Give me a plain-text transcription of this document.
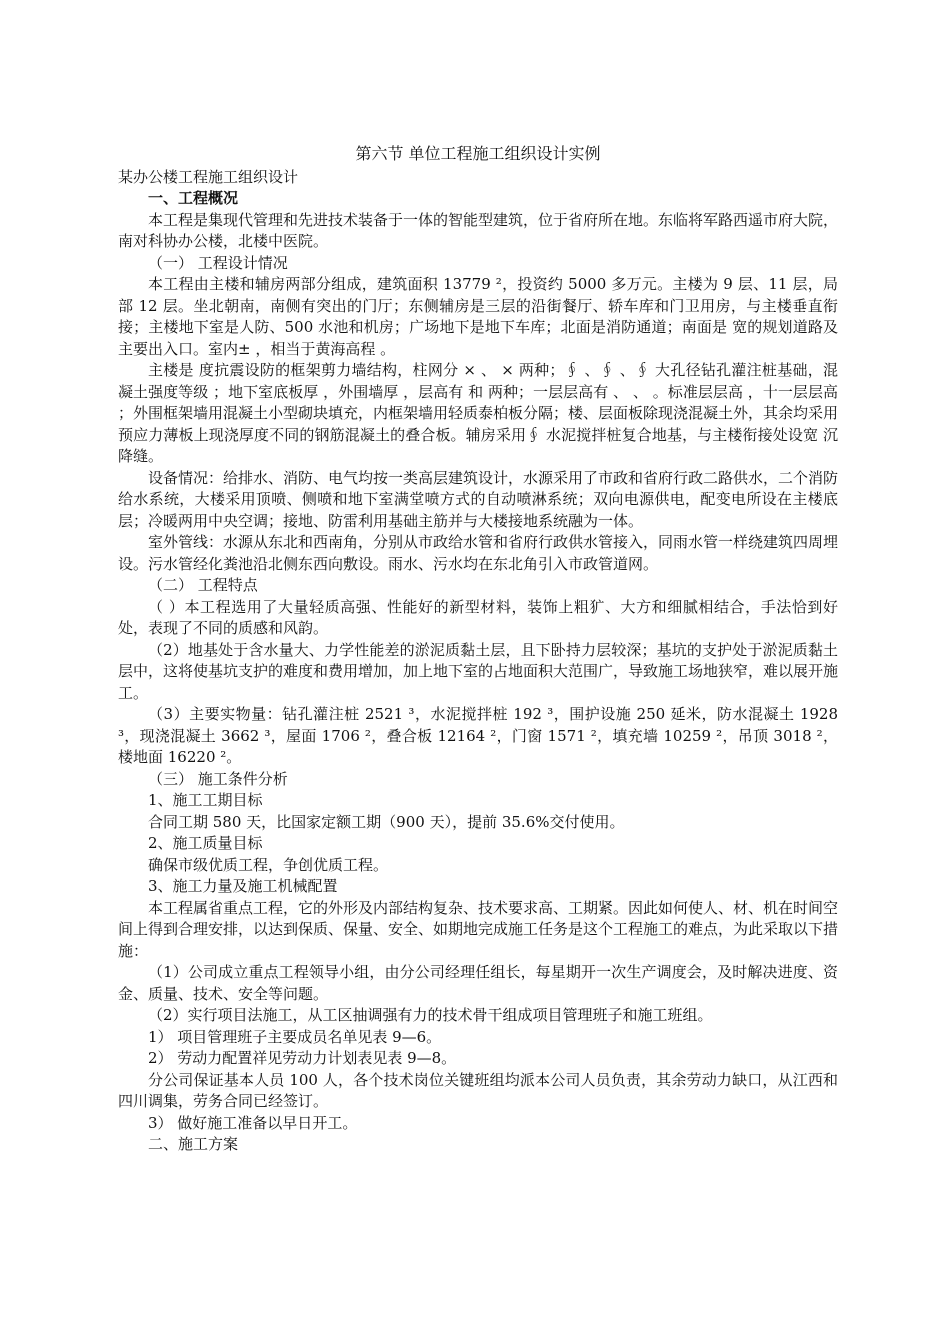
第六节 单位工程施工组织设计实例
某办公楼工程施工组织设计
一、工程概况
本工程是集现代管理和先进技术装备于一体的智能型建筑，位于省府所在地。东临将军路西遥市府大院，南对科协办公楼，北楼中医院。
（一） 工程设计情况
本工程由主楼和辅房两部分组成，建筑面积 13779 ²，投资约 5000 多万元。主楼为 9 层、11 层，局部 12 层。坐北朝南，南侧有突出的门厅；东侧辅房是三层的沿街餐厅、轿车库和门卫用房，与主楼垂直衔接；主楼地下室是人防、500 水池和机房；广场地下是地下车库；北面是消防通道；南面是 宽的规划道路及主要出入口。室内± ，相当于黄海高程 。
主楼是 度抗震设防的框架剪力墙结构，柱网分 × 、 × 两种；∮ 、∮ 、∮ 大孔径钻孔灌注桩基础，混凝土强度等级 ；地下室底板厚 ，外围墙厚 ，层高有 和 两种；一层层高有 、 、 。标准层层高 ，十一层层高 ；外围框架墙用混凝土小型砌块填充，内框架墙用轻质泰柏板分隔；楼、层面板除现浇混凝土外，其余均采用预应力薄板上现浇厚度不同的钢筋混凝土的叠合板。辅房采用∮ 水泥搅拌桩复合地基，与主楼衔接处设宽 沉降缝。
设备情况：给排水、消防、电气均按一类高层建筑设计，水源采用了市政和省府行政二路供水，二个消防给水系统，大楼采用顶喷、侧喷和地下室满堂喷方式的自动喷淋系统；双向电源供电，配变电所设在主楼底层；冷暖两用中央空调；接地、防雷利用基础主筋并与大楼接地系统融为一体。
室外管线：水源从东北和西南角，分别从市政给水管和省府行政供水管接入，同雨水管一样绕建筑四周埋设。污水管经化粪池沿北侧东西向敷设。雨水、污水均在东北角引入市政管道网。
（二） 工程特点
（ ）本工程选用了大量轻质高强、性能好的新型材料，装饰上粗犷、大方和细腻相结合，手法恰到好处，表现了不同的质感和风韵。
（2）地基处于含水量大、力学性能差的淤泥质黏土层，且下卧持力层较深；基坑的支护处于淤泥质黏土层中，这将使基坑支护的难度和费用增加，加上地下室的占地面积大范围广，导致施工场地狭窄，难以展开施工。
（3）主要实物量：钻孔灌注桩 2521 ³，水泥搅拌桩 192 ³，围护设施 250 延米，防水混凝土 1928 ³，现浇混凝土 3662 ³，屋面 1706 ²，叠合板 12164 ²，门窗 1571 ²，填充墙 10259 ²，吊顶 3018 ²，楼地面 16220 ²。
（三） 施工条件分析
1、施工工期目标
合同工期 580 天，比国家定额工期（900 天），提前 35.6%交付使用。
2、施工质量目标
确保市级优质工程，争创优质工程。
3、施工力量及施工机械配置
本工程属省重点工程，它的外形及内部结构复杂、技术要求高、工期紧。因此如何使人、材、机在时间空间上得到合理安排，以达到保质、保量、安全、如期地完成施工任务是这个工程施工的难点，为此采取以下措施：
（1）公司成立重点工程领导小组，由分公司经理任组长，每星期开一次生产调度会，及时解决进度、资金、质量、技术、安全等问题。
（2）实行项目法施工，从工区抽调强有力的技术骨干组成项目管理班子和施工班组。
1） 项目管理班子主要成员名单见表 9—6。
2） 劳动力配置祥见劳动力计划表见表 9—8。
分公司保证基本人员 100 人，各个技术岗位关键班组均派本公司人员负责，其余劳动力缺口，从江西和四川调集，劳务合同已经签订。
3） 做好施工准备以早日开工。
二、施工方案
